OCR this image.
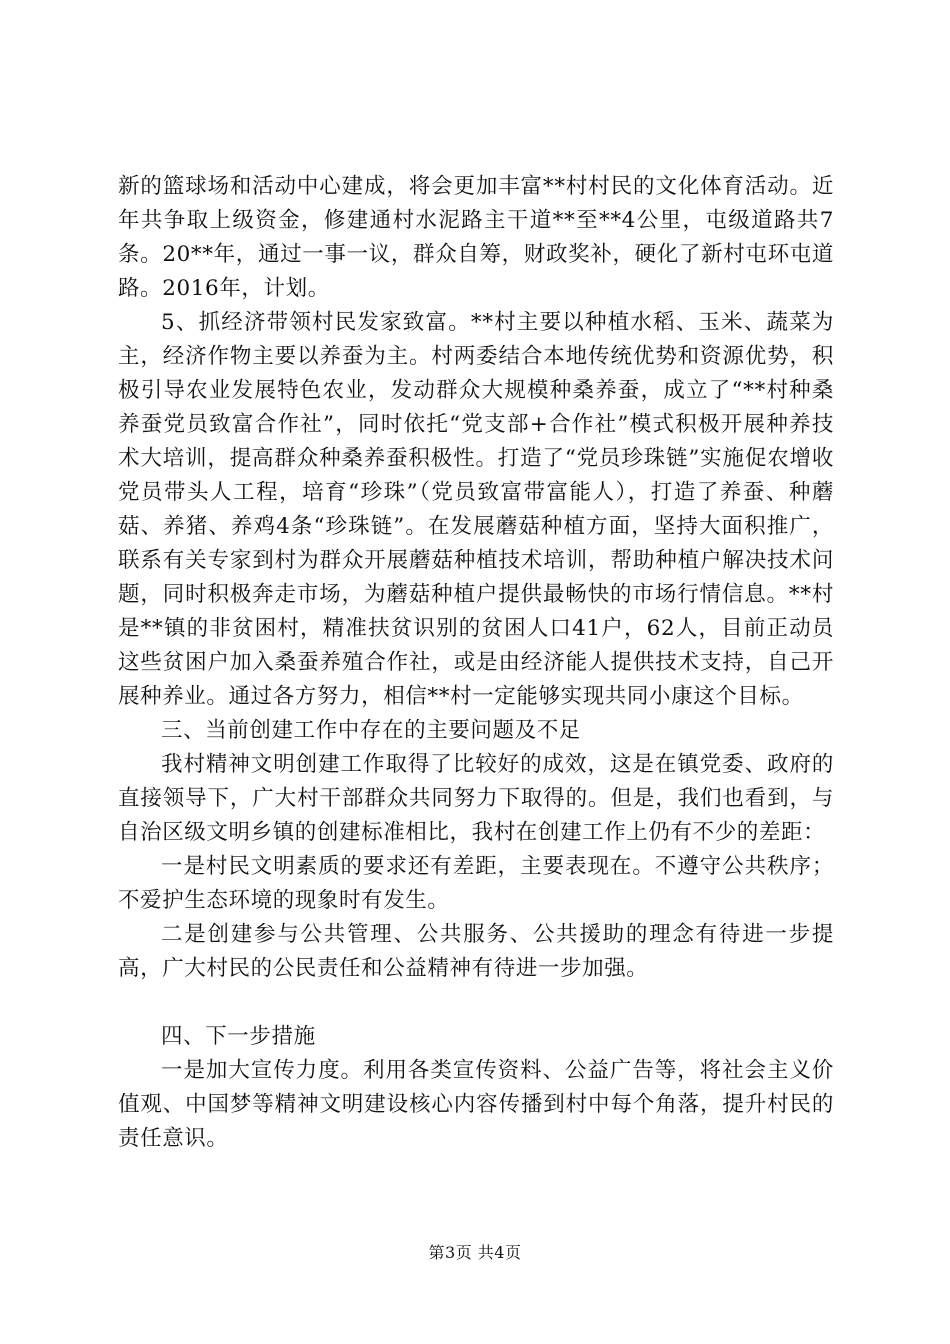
新的篮球场和活动中心建成，将会更加丰富**村村民的文化体育活动。近年共争取上级资金，修建通村水泥路主干道**至**4公里，屯级道路共7条。20**年，通过一事一议，群众自筹，财政奖补，硬化了新村屯环屯道路。2016年，计划。

5、抓经济带领村民发家致富。**村主要以种植水稻、玉米、蔬菜为主，经济作物主要以养蚕为主。村两委结合本地传统优势和资源优势，积极引导农业发展特色农业，发动群众大规模种桑养蚕，成立了“**村种桑养蚕党员致富合作社”，同时依托“党支部+合作社”模式积极开展种养技术大培训，提高群众种桑养蚕积极性。打造了“党员珍珠链”实施促农增收党员带头人工程，培育“珍珠”（党员致富带富能人），打造了养蚕、种蘑菇、养猪、养鸡4条“珍珠链”。在发展蘑菇种植方面，坚持大面积推广，联系有关专家到村为群众开展蘑菇种植技术培训，帮助种植户解决技术问题，同时积极奔走市场，为蘑菇种植户提供最畅快的市场行情信息。**村是**镇的非贫困村，精准扶贫识别的贫困人口41户，62人，目前正动员这些贫困户加入桑蚕养殖合作社，或是由经济能人提供技术支持，自己开展种养业。通过各方努力，相信**村一定能够实现共同小康这个目标。

三、当前创建工作中存在的主要问题及不足

我村精神文明创建工作取得了比较好的成效，这是在镇党委、政府的直接领导下，广大村干部群众共同努力下取得的。但是，我们也看到，与自治区级文明乡镇的创建标准相比，我村在创建工作上仍有不少的差距：

一是村民文明素质的要求还有差距，主要表现在。不遵守公共秩序；不爱护生态环境的现象时有发生。

二是创建参与公共管理、公共服务、公共援助的理念有待进一步提高，广大村民的公民责任和公益精神有待进一步加强。

四、下一步措施

一是加大宣传力度。利用各类宣传资料、公益广告等，将社会主义价值观、中国梦等精神文明建设核心内容传播到村中每个角落，提升村民的责任意识。

第3页 共4页
